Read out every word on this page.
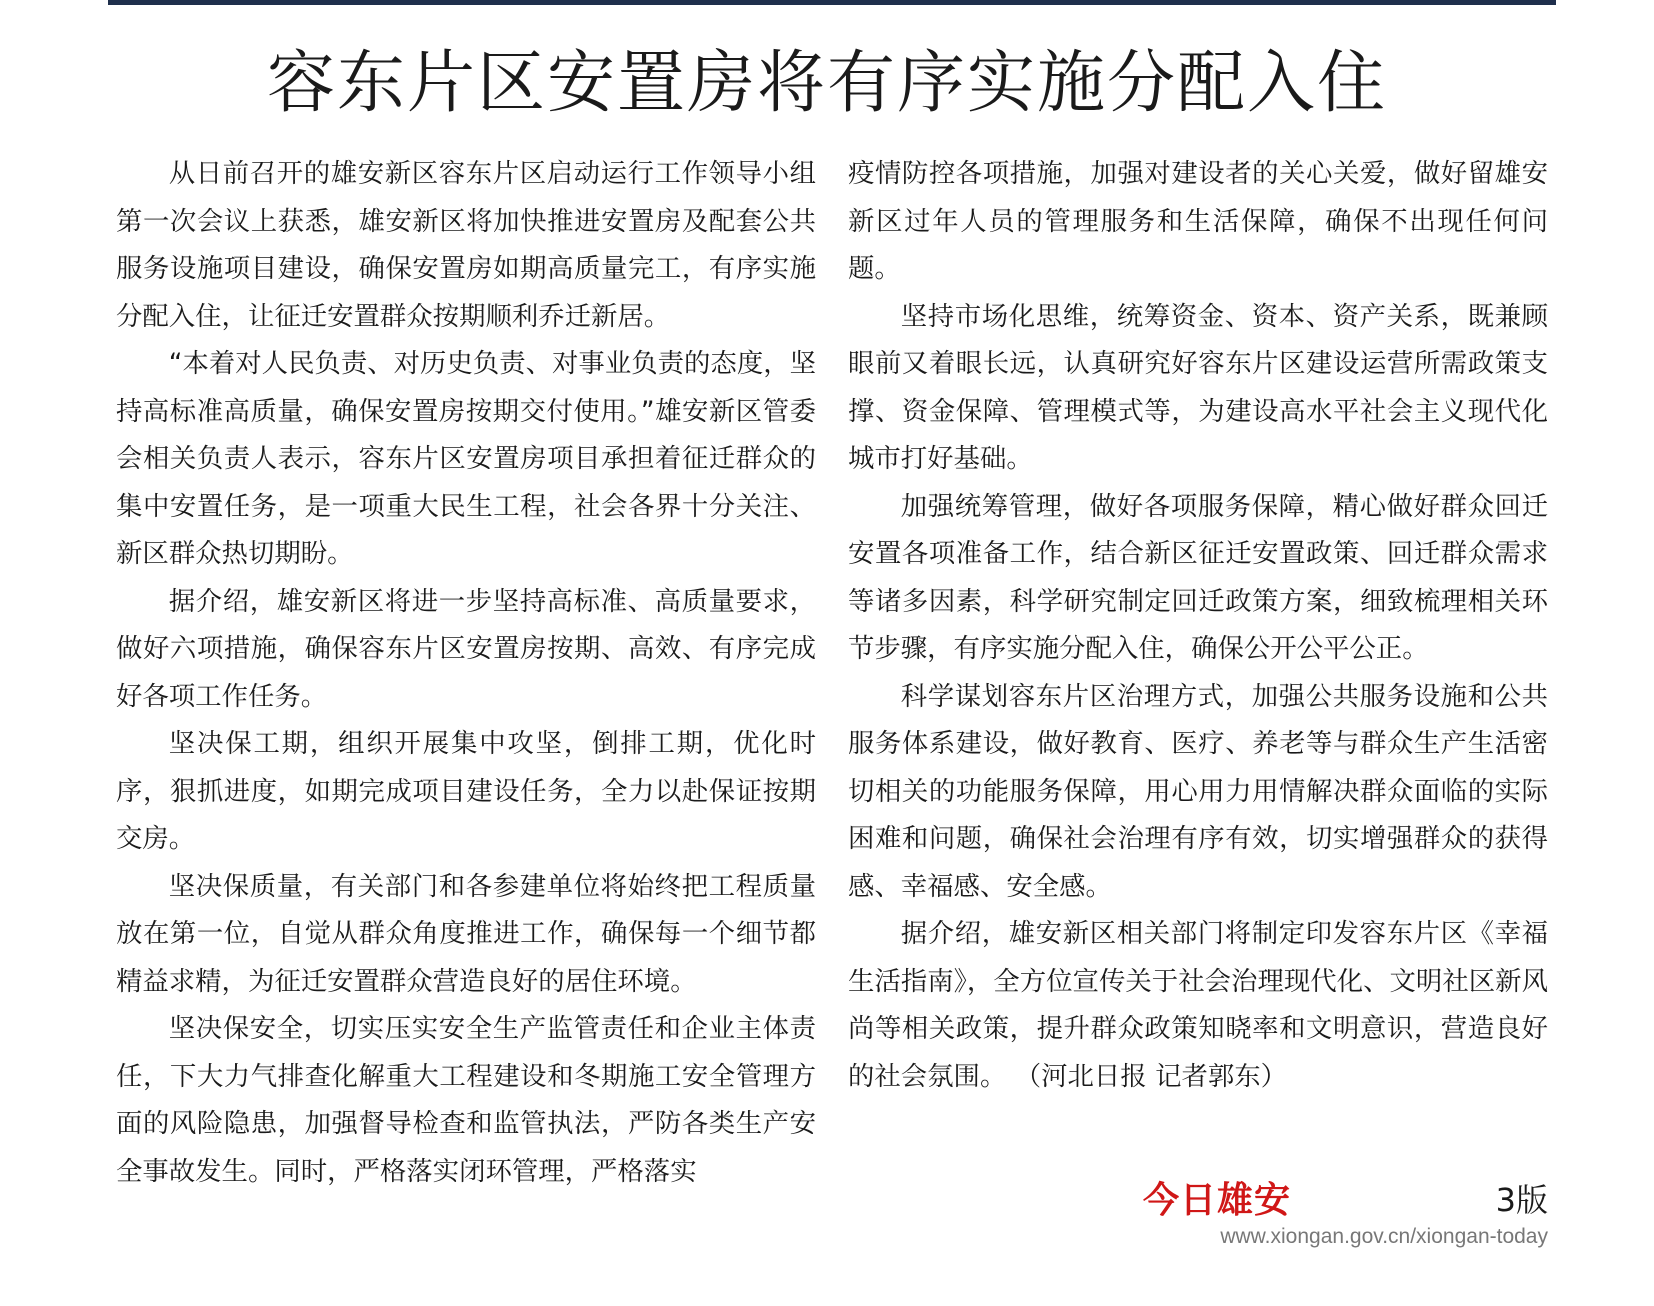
容东片区安置房将有序实施分配入住

从日前召开的雄安新区容东片区启动运行工作领导小组第一次会议上获悉，雄安新区将加快推进安置房及配套公共服务设施项目建设，确保安置房如期高质量完工，有序实施分配入住，让征迁安置群众按期顺利乔迁新居。

“本着对人民负责、对历史负责、对事业负责的态度，坚持高标准高质量，确保安置房按期交付使用。”雄安新区管委会相关负责人表示，容东片区安置房项目承担着征迁群众的集中安置任务，是一项重大民生工程，社会各界十分关注、新区群众热切期盼。

据介绍，雄安新区将进一步坚持高标准、高质量要求，做好六项措施，确保容东片区安置房按期、高效、有序完成好各项工作任务。

坚决保工期，组织开展集中攻坚，倒排工期，优化时序，狠抓进度，如期完成项目建设任务，全力以赴保证按期交房。

坚决保质量，有关部门和各参建单位将始终把工程质量放在第一位，自觉从群众角度推进工作，确保每一个细节都精益求精，为征迁安置群众营造良好的居住环境。

坚决保安全，切实压实安全生产监管责任和企业主体责任，下大力气排查化解重大工程建设和冬期施工安全管理方面的风险隐患，加强督导检查和监管执法，严防各类生产安全事故发生。同时，严格落实闭环管理，严格落实

疫情防控各项措施，加强对建设者的关心关爱，做好留雄安新区过年人员的管理服务和生活保障，确保不出现任何问题。

坚持市场化思维，统筹资金、资本、资产关系，既兼顾眼前又着眼长远，认真研究好容东片区建设运营所需政策支撑、资金保障、管理模式等，为建设高水平社会主义现代化城市打好基础。

加强统筹管理，做好各项服务保障，精心做好群众回迁安置各项准备工作，结合新区征迁安置政策、回迁群众需求等诸多因素，科学研究制定回迁政策方案，细致梳理相关环节步骤，有序实施分配入住，确保公开公平公正。

科学谋划容东片区治理方式，加强公共服务设施和公共服务体系建设，做好教育、医疗、养老等与群众生产生活密切相关的功能服务保障，用心用力用情解决群众面临的实际困难和问题，确保社会治理有序有效，切实增强群众的获得感、幸福感、安全感。

据介绍，雄安新区相关部门将制定印发容东片区《幸福生活指南》，全方位宣传关于社会治理现代化、文明社区新风尚等相关政策，提升群众政策知晓率和文明意识，营造良好的社会氛围。 （河北日报 记者郭东）

今日雄安	3版
www.xiongan.gov.cn/xiongan-today
